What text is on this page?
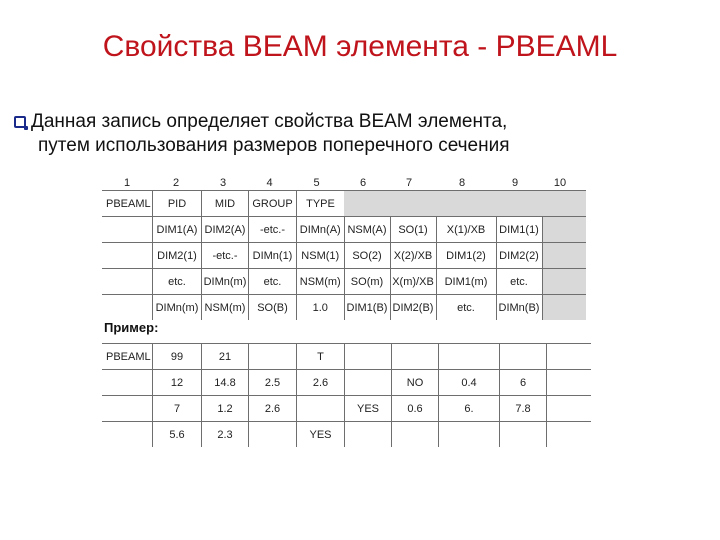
Свойства BEAM элемента - PBEAML
Данная запись определяет свойства BEAM элемента,
путем использования размеров поперечного сечения
1	2	3	4	5	6	7	8	9	10
PBEAML	PID	MID	GROUP	TYPE					
	DIM1(A)	DIM2(A)	-etc.-	DIMn(A)	NSM(A)	SO(1)	X(1)/XB	DIM1(1)	
	DIM2(1)	-etc.-	DIMn(1)	NSM(1)	SO(2)	X(2)/XB	DIM1(2)	DIM2(2)	
	etc.	DIMn(m)	etc.	NSM(m)	SO(m)	X(m)/XB	DIM1(m)	etc.	
	DIMn(m)	NSM(m)	SO(B)	1.0	DIM1(B)	DIM2(B)	etc.	DIMn(B)	
Пример:
PBEAML	99	21		T					
	12	14.8	2.5	2.6		NO	0.4	6	
	7	1.2	2.6		YES	0.6	6.	7.8	
	5.6	2.3		YES					
